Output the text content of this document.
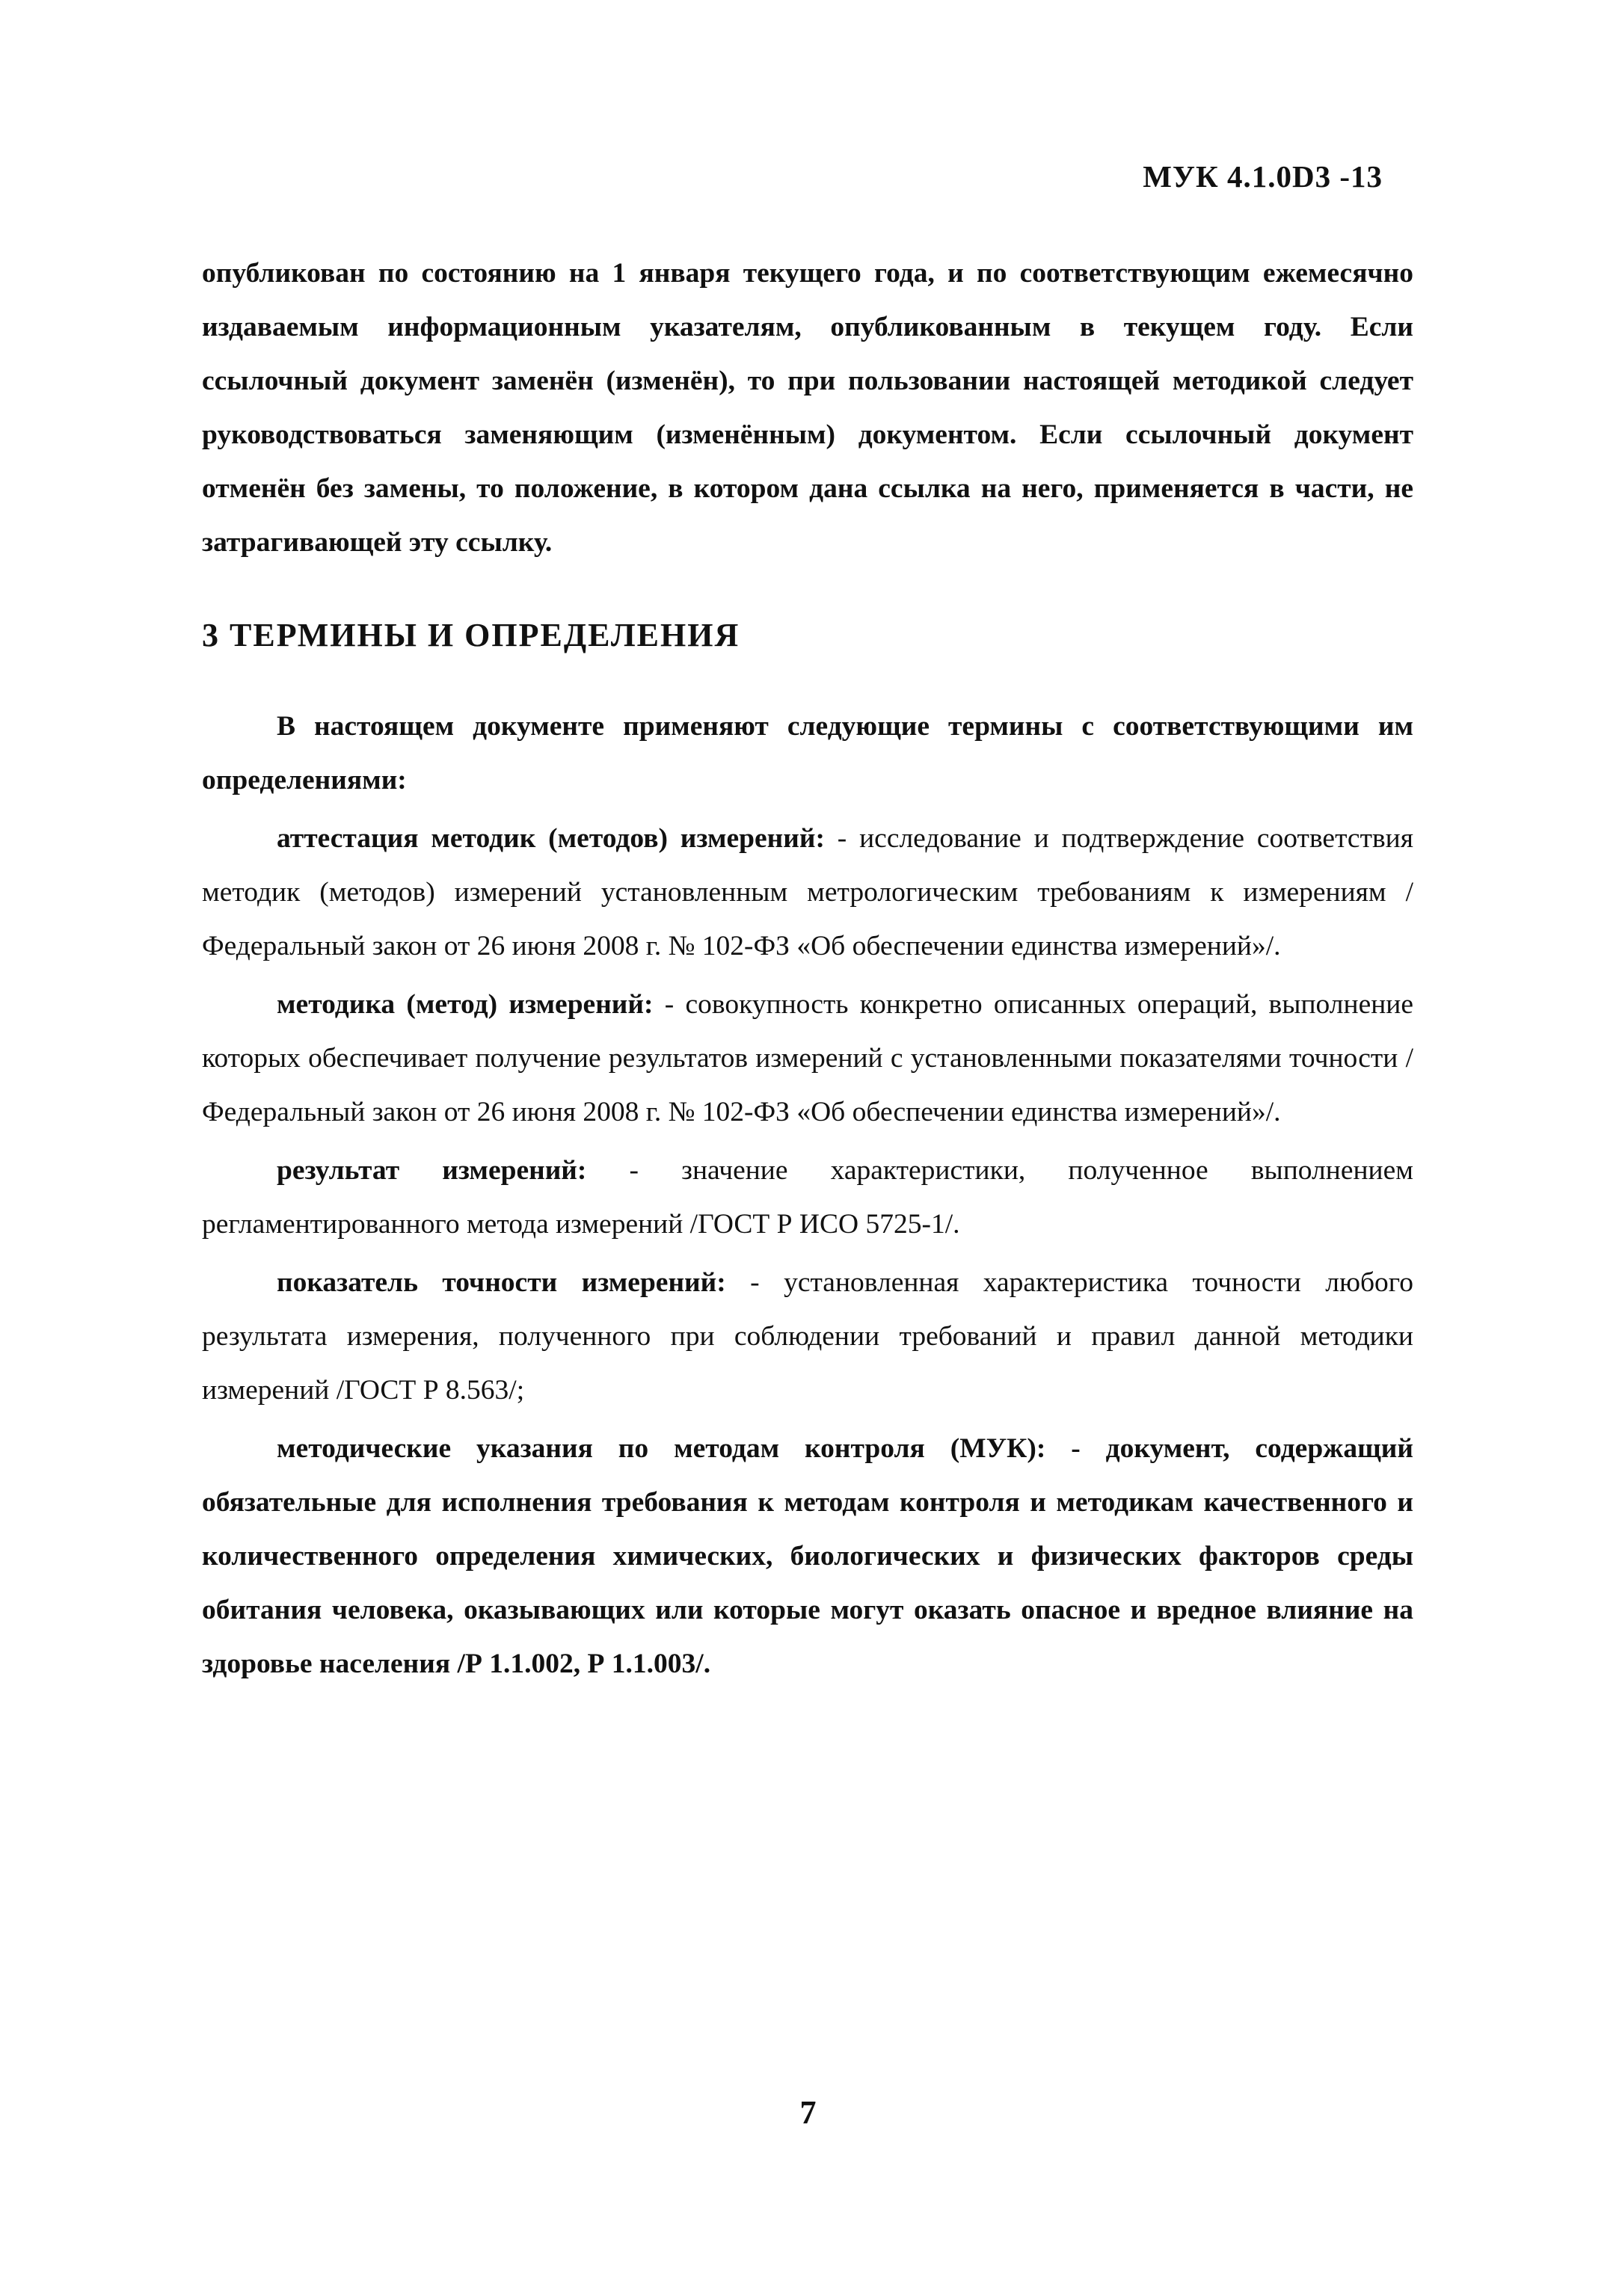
МУК 4.1.0D3 -13

опубликован по состоянию на 1 января текущего года, и по соответствующим ежемесячно издаваемым информационным указателям, опубликованным в текущем году. Если ссылочный документ заменён (изменён), то при пользовании настоящей методикой следует руководствоваться заменяющим (изменённым) документом. Если ссылочный документ отменён без замены, то положение, в котором дана ссылка на него, применяется в части, не затрагивающей эту ссылку.

3 ТЕРМИНЫ И ОПРЕДЕЛЕНИЯ

В настоящем документе применяют следующие термины с соответствующими им определениями:

аттестация методик (методов) измерений: - исследование и подтверждение соответствия методик (методов) измерений установленным метрологическим требованиям к измерениям /Федеральный закон от 26 июня 2008 г. № 102-ФЗ «Об обеспечении единства измерений»/.

методика (метод) измерений: - совокупность конкретно описанных операций, выполнение которых обеспечивает получение результатов измерений с установленными показателями точности /Федеральный закон от 26 июня 2008 г. № 102-ФЗ «Об обеспечении единства измерений»/.

результат измерений: - значение характеристики, полученное выполнением регламентированного метода измерений /ГОСТ Р ИСО 5725-1/.

показатель точности измерений: - установленная характеристика точности любого результата измерения, полученного при соблюдении требований и правил данной методики измерений /ГОСТ Р 8.563/;

методические указания по методам контроля (МУК): - документ, содержащий обязательные для исполнения требования к методам контроля и методикам качественного и количественного определения химических, биологических и физических факторов среды обитания человека, оказывающих или которые могут оказать опасное и вредное влияние на здоровье населения /Р 1.1.002, Р 1.1.003/.

7
